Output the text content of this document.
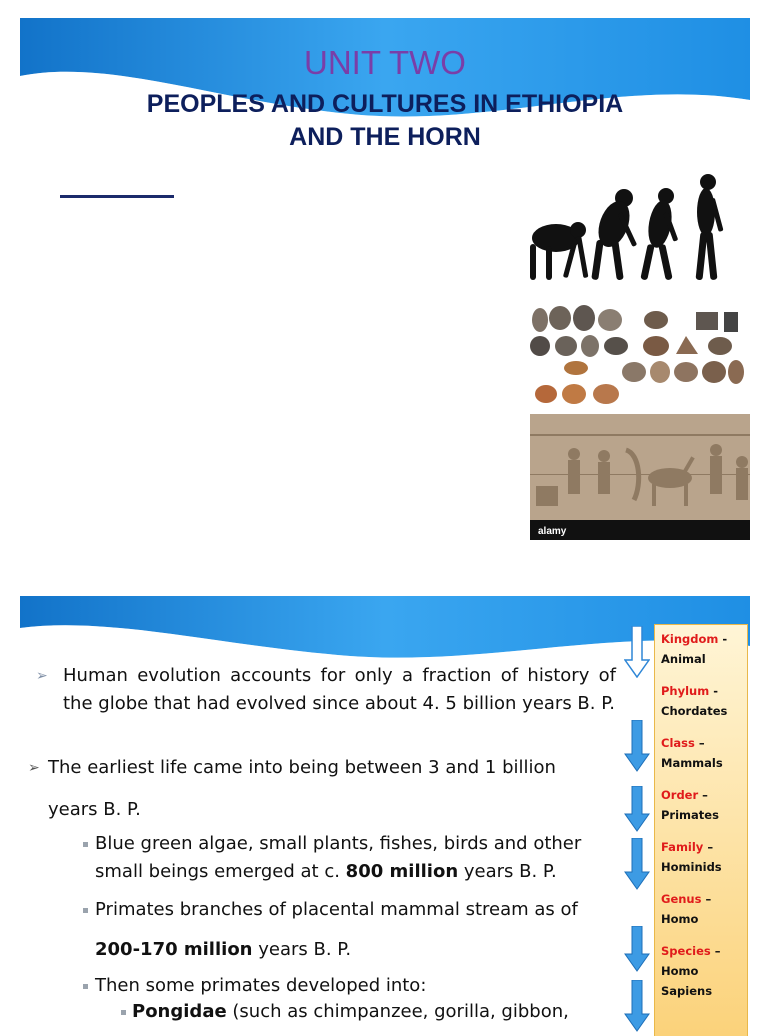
UNIT TWO
PEOPLES AND CULTURES IN ETHIOPIA
AND THE HORN
alamy
➢ Human evolution accounts for only a fraction of history of the globe that had evolved since about 4. 5 billion years B. P.
➢ The earliest life came into being between 3 and 1 billion
years B. P.
Blue green algae, small plants, fishes, birds and other
small beings emerged at c. 800 million years B. P.
Primates branches of placental mammal stream as of
200-170 million years B. P.
Then some primates developed into:
Pongidae (such as chimpanzee, gorilla, gibbon,
Kingdom -
Animal
Phylum -
Chordates
Class –
Mammals
Order –
Primates
Family –
Hominids
Genus –
Homo
Species –
Homo Sapiens
